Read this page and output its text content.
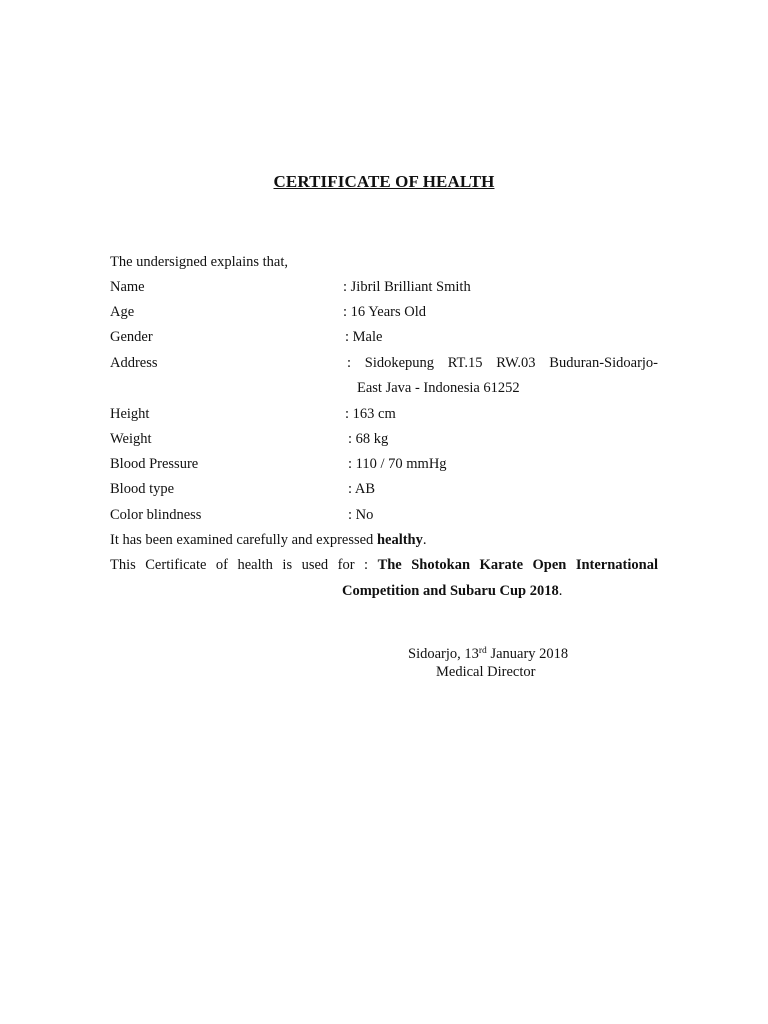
CERTIFICATE OF HEALTH
The undersigned explains that,
Name	: Jibril Brilliant Smith
Age	: 16 Years Old
Gender	: Male
Address	: Sidokepung RT.15 RW.03 Buduran-Sidoarjo-
East Java - Indonesia 61252
Height	: 163 cm
Weight	: 68 kg
Blood Pressure	: 110 / 70 mmHg
Blood type	: AB
Color blindness	: No
It has been examined carefully and expressed healthy.
This Certificate of health is used for : The Shotokan Karate Open International
Competition and Subaru Cup 2018.
Sidoarjo, 13rd January 2018
Medical Director
